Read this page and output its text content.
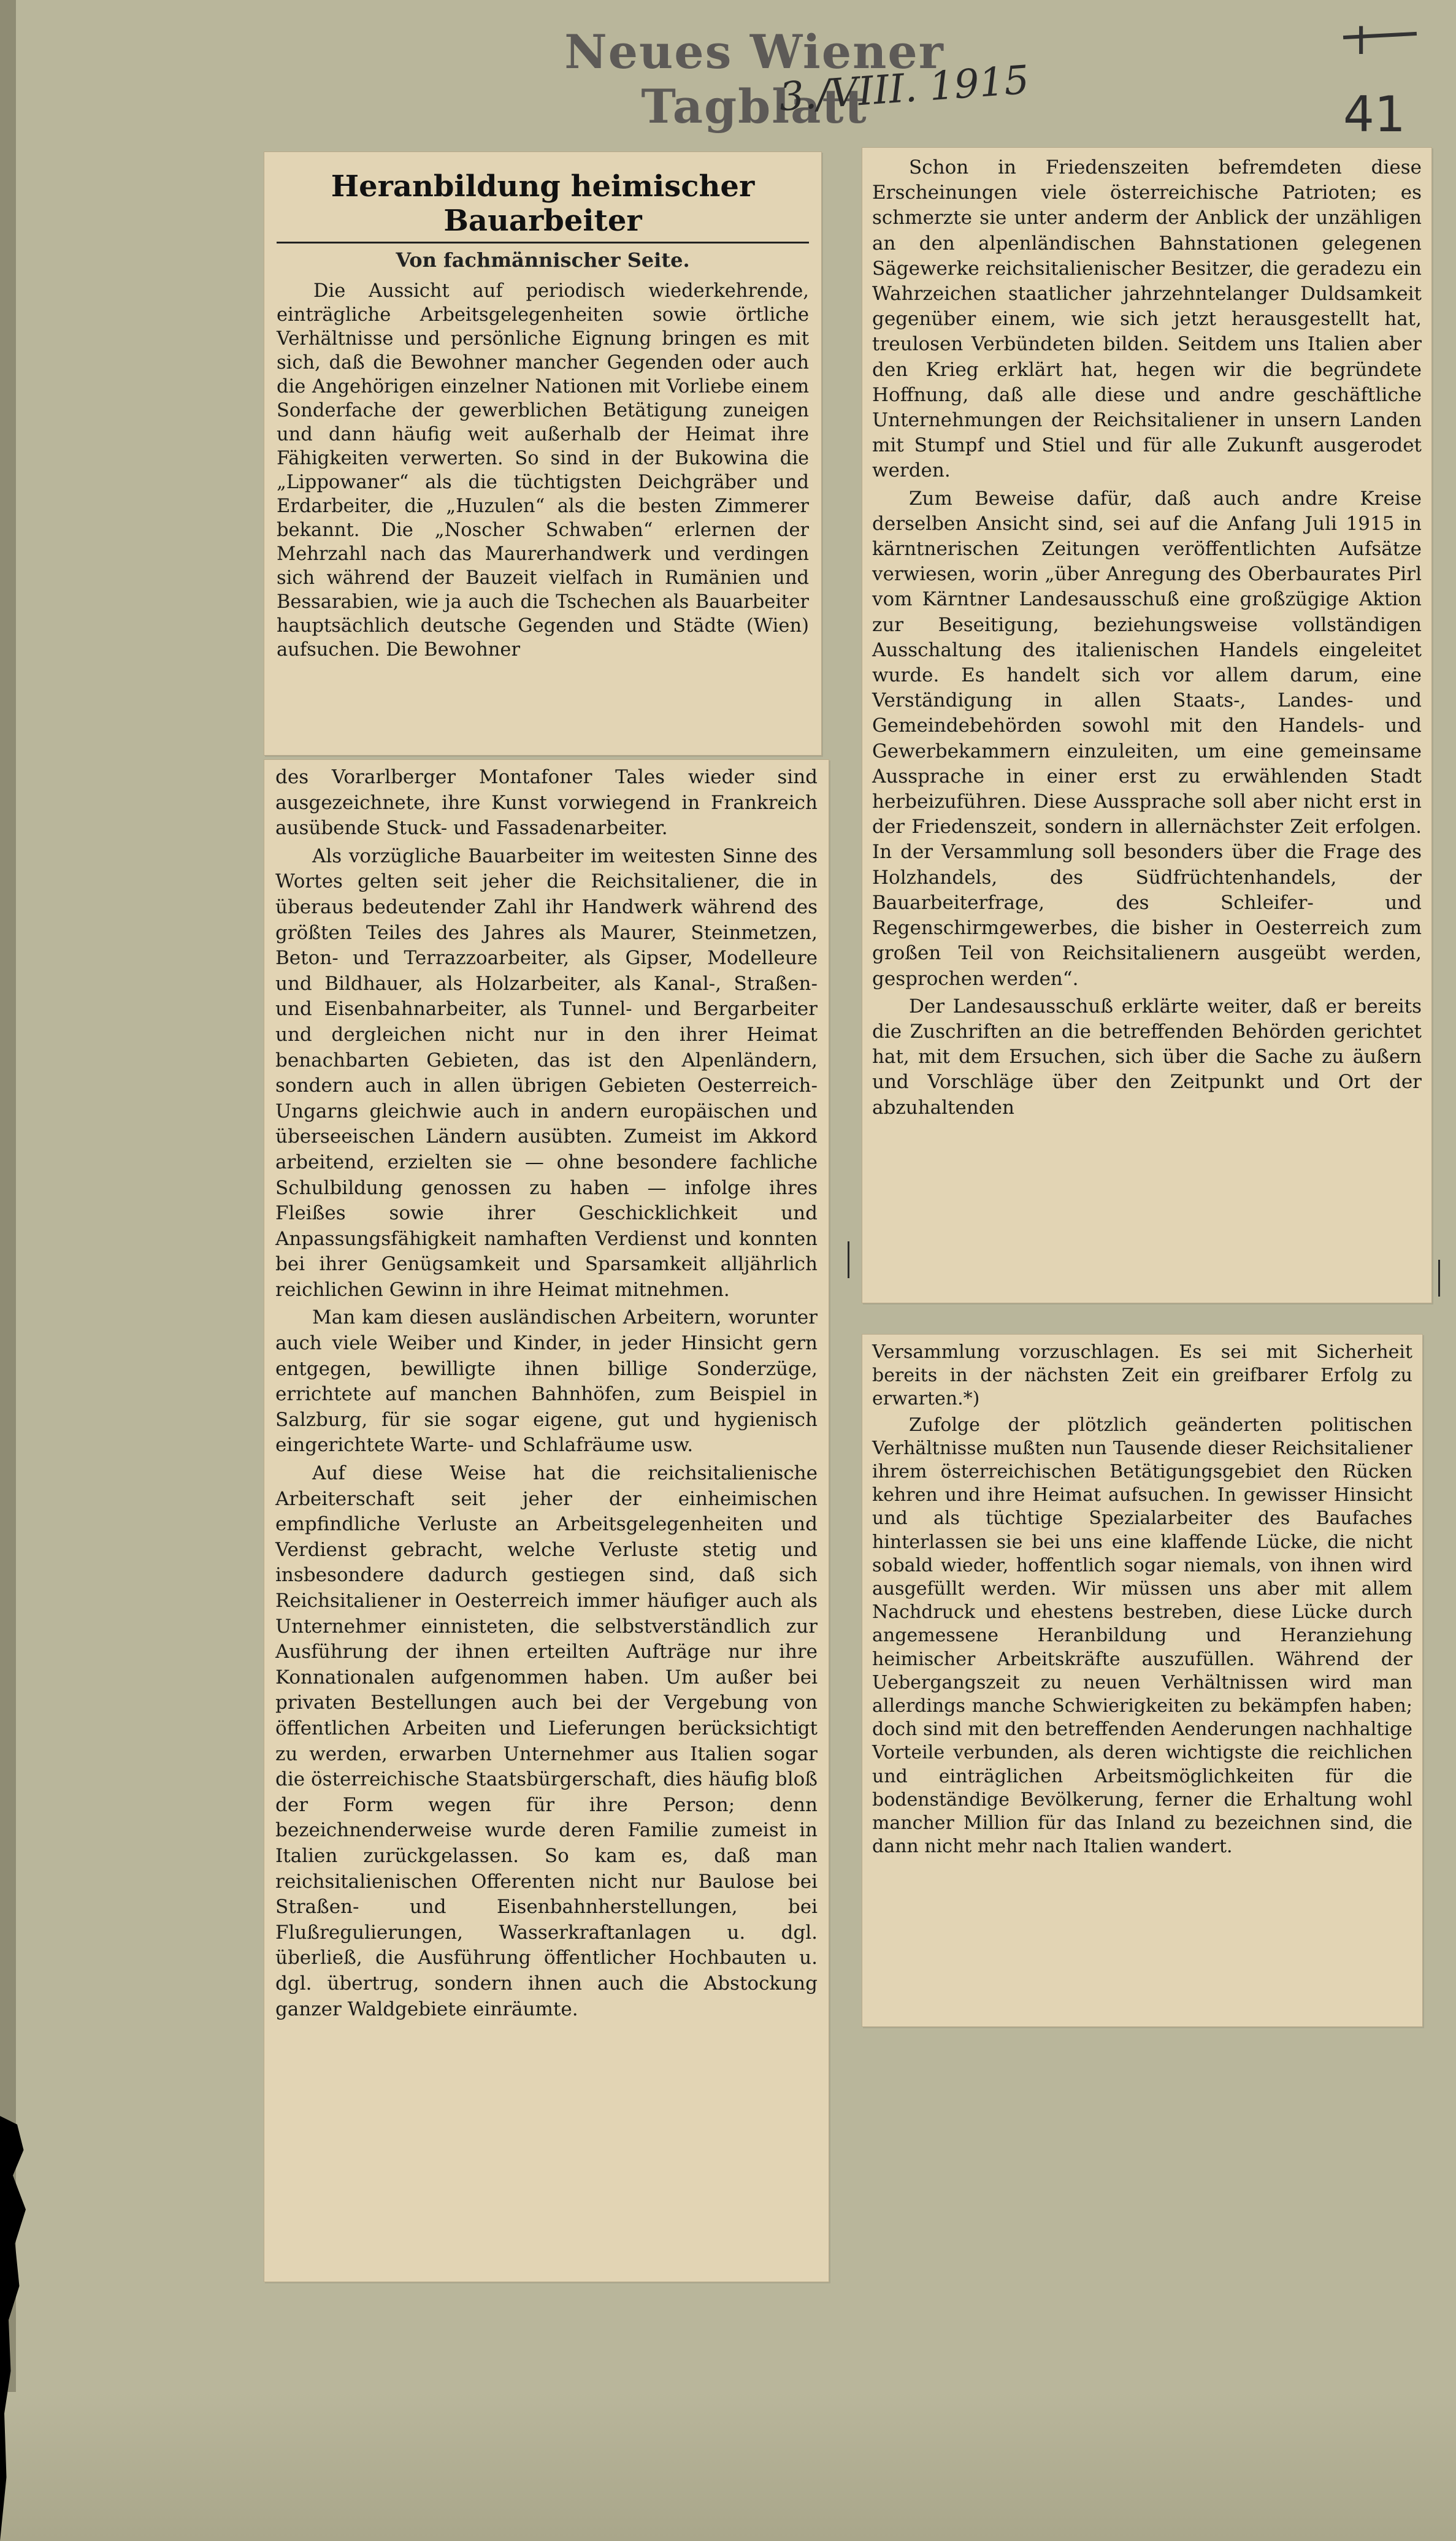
Neues Wiener Tagblatt
3./VIII. 1915
I
41
Heranbildung heimischer Bauarbeiter
Von fachmännischer Seite.

Die Aussicht auf periodisch wiederkehrende, einträgliche Arbeitsgelegenheiten sowie örtliche Verhältnisse und persönliche Eignung bringen es mit sich, daß die Bewohner mancher Gegenden oder auch die Angehörigen einzelner Nationen mit Vorliebe einem Sonderfache der gewerblichen Betätigung zuneigen und dann häufig weit außerhalb der Heimat ihre Fähigkeiten verwerten. So sind in der Bukowina die „Lippowaner“ als die tüchtigsten Deichgräber und Erdarbeiter, die „Huzulen“ als die besten Zimmerer bekannt. Die „Noscher Schwaben“ erlernen der Mehrzahl nach das Maurerhandwerk und verdingen sich während der Bauzeit vielfach in Rumänien und Bessarabien, wie ja auch die Tschechen als Bauarbeiter hauptsächlich deutsche Gegenden und Städte (Wien) aufsuchen. Die Bewohner

des Vorarlberger Montafoner Tales wieder sind ausgezeichnete, ihre Kunst vorwiegend in Frankreich ausübende Stuck- und Fassadenarbeiter.

Als vorzügliche Bauarbeiter im weitesten Sinne des Wortes gelten seit jeher die Reichsitaliener, die in überaus bedeutender Zahl ihr Handwerk während des größten Teiles des Jahres als Maurer, Steinmetzen, Beton- und Terrazzoarbeiter, als Gipser, Modelleure und Bildhauer, als Holzarbeiter, als Kanal-, Straßen- und Eisenbahnarbeiter, als Tunnel- und Bergarbeiter und dergleichen nicht nur in den ihrer Heimat benachbarten Gebieten, das ist den Alpenländern, sondern auch in allen übrigen Gebieten Oesterreich-Ungarns gleichwie auch in andern europäischen und überseeischen Ländern ausübten. Zumeist im Akkord arbeitend, erzielten sie — ohne besondere fachliche Schulbildung genossen zu haben — infolge ihres Fleißes sowie ihrer Geschicklichkeit und Anpassungsfähigkeit namhaften Verdienst und konnten bei ihrer Genügsamkeit und Sparsamkeit alljährlich reichlichen Gewinn in ihre Heimat mitnehmen.

Man kam diesen ausländischen Arbeitern, worunter auch viele Weiber und Kinder, in jeder Hinsicht gern entgegen, bewilligte ihnen billige Sonderzüge, errichtete auf manchen Bahnhöfen, zum Beispiel in Salzburg, für sie sogar eigene, gut und hygienisch eingerichtete Warte- und Schlafräume usw.

Auf diese Weise hat die reichsitalienische Arbeiterschaft seit jeher der einheimischen empfindliche Verluste an Arbeitsgelegenheiten und Verdienst gebracht, welche Verluste stetig und insbesondere dadurch gestiegen sind, daß sich Reichsitaliener in Oesterreich immer häufiger auch als Unternehmer einnisteten, die selbstverständlich zur Ausführung der ihnen erteilten Aufträge nur ihre Konnationalen aufgenommen haben. Um außer bei privaten Bestellungen auch bei der Vergebung von öffentlichen Arbeiten und Lieferungen berücksichtigt zu werden, erwarben Unternehmer aus Italien sogar die österreichische Staatsbürgerschaft, dies häufig bloß der Form wegen für ihre Person; denn bezeichnenderweise wurde deren Familie zumeist in Italien zurückgelassen. So kam es, daß man reichsitalienischen Offerenten nicht nur Baulose bei Straßen- und Eisenbahnherstellungen, bei Flußregulierungen, Wasserkraftanlagen u. dgl. überließ, die Ausführung öffentlicher Hochbauten u. dgl. übertrug, sondern ihnen auch die Abstockung ganzer Waldgebiete einräumte.

Schon in Friedenszeiten befremdeten diese Erscheinungen viele österreichische Patrioten; es schmerzte sie unter anderm der Anblick der unzähligen an den alpenländischen Bahnstationen gelegenen Sägewerke reichsitalienischer Besitzer, die geradezu ein Wahrzeichen staatlicher jahrzehntelanger Duldsamkeit gegenüber einem, wie sich jetzt herausgestellt hat, treulosen Verbündeten bilden. Seitdem uns Italien aber den Krieg erklärt hat, hegen wir die begründete Hoffnung, daß alle diese und andre geschäftliche Unternehmungen der Reichsitaliener in unsern Landen mit Stumpf und Stiel und für alle Zukunft ausgerodet werden.

Zum Beweise dafür, daß auch andre Kreise derselben Ansicht sind, sei auf die Anfang Juli 1915 in kärntnerischen Zeitungen veröffentlichten Aufsätze verwiesen, worin „über Anregung des Oberbaurates Pirl vom Kärntner Landesausschuß eine großzügige Aktion zur Beseitigung, beziehungsweise vollständigen Ausschaltung des italienischen Handels eingeleitet wurde. Es handelt sich vor allem darum, eine Verständigung in allen Staats-, Landes- und Gemeindebehörden sowohl mit den Handels- und Gewerbekammern einzuleiten, um eine gemeinsame Aussprache in einer erst zu erwählenden Stadt herbeizuführen. Diese Aussprache soll aber nicht erst in der Friedenszeit, sondern in allernächster Zeit erfolgen. In der Versammlung soll besonders über die Frage des Holzhandels, des Südfrüchtenhandels, der Bauarbeiterfrage, des Schleifer- und Regenschirmgewerbes, die bisher in Oesterreich zum großen Teil von Reichsitalienern ausgeübt werden, gesprochen werden“.

Der Landesausschuß erklärte weiter, daß er bereits die Zuschriften an die betreffenden Behörden gerichtet hat, mit dem Ersuchen, sich über die Sache zu äußern und Vorschläge über den Zeitpunkt und Ort der abzuhaltenden

Versammlung vorzuschlagen. Es sei mit Sicherheit bereits in der nächsten Zeit ein greifbarer Erfolg zu erwarten.*)

Zufolge der plötzlich geänderten politischen Verhältnisse mußten nun Tausende dieser Reichsitaliener ihrem österreichischen Betätigungsgebiet den Rücken kehren und ihre Heimat aufsuchen. In gewisser Hinsicht und als tüchtige Spezialarbeiter des Baufaches hinterlassen sie bei uns eine klaffende Lücke, die nicht sobald wieder, hoffentlich sogar niemals, von ihnen wird ausgefüllt werden. Wir müssen uns aber mit allem Nachdruck und ehestens bestreben, diese Lücke durch angemessene Heranbildung und Heranziehung heimischer Arbeitskräfte auszufüllen. Während der Uebergangszeit zu neuen Verhältnissen wird man allerdings manche Schwierigkeiten zu bekämpfen haben; doch sind mit den betreffenden Aenderungen nachhaltige Vorteile verbunden, als deren wichtigste die reichlichen und einträglichen Arbeitsmöglichkeiten für die bodenständige Bevölkerung, ferner die Erhaltung wohl mancher Million für das Inland zu bezeichnen sind, die dann nicht mehr nach Italien wandert.
